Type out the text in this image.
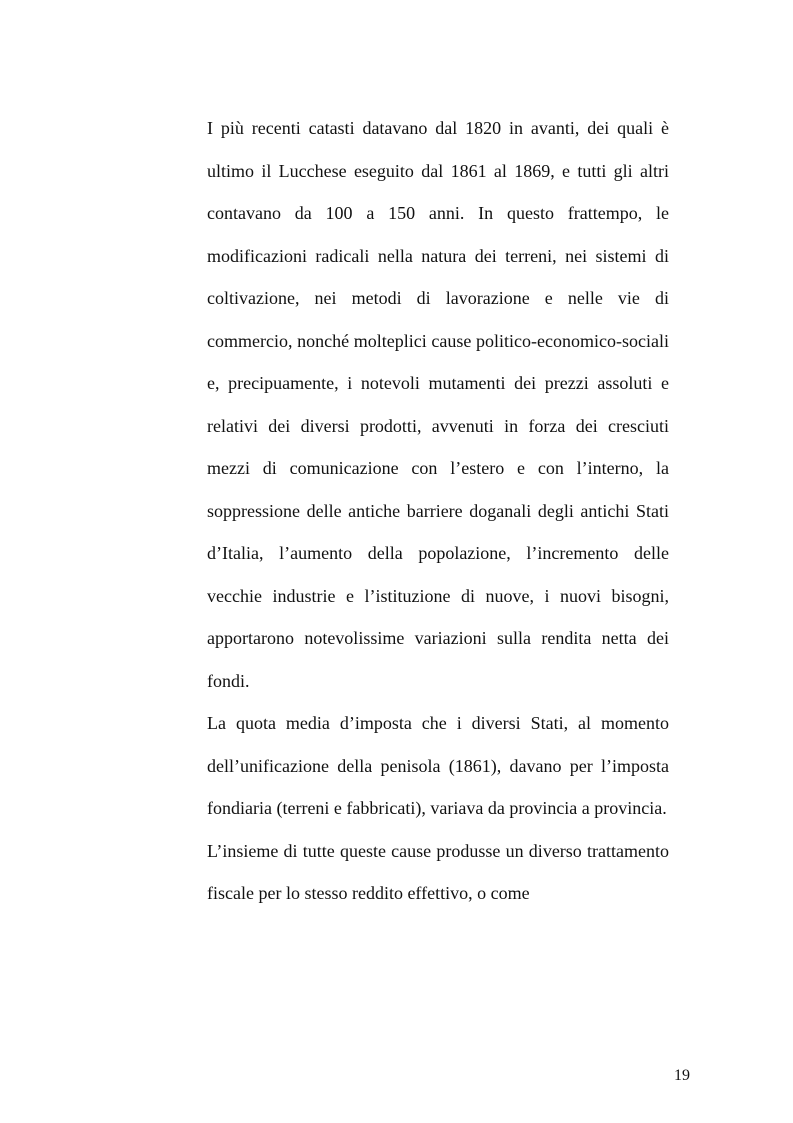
I più recenti catasti datavano dal 1820 in avanti, dei quali è ultimo il Lucchese eseguito dal 1861 al 1869, e tutti gli altri contavano da 100 a 150 anni. In questo frattempo, le modificazioni radicali nella natura dei terreni, nei sistemi di coltivazione, nei metodi di lavorazione e nelle vie di commercio, nonché molteplici cause politico-economico-sociali e, precipuamente, i notevoli mutamenti dei prezzi assoluti e relativi dei diversi prodotti, avvenuti in forza dei cresciuti mezzi di comunicazione con l’estero e con l’interno, la soppressione delle antiche barriere doganali degli antichi Stati d’Italia, l’aumento della popolazione, l’incremento delle vecchie industrie e l’istituzione di nuove, i nuovi bisogni, apportarono notevolissime variazioni sulla rendita netta dei fondi.

La quota media d’imposta che i diversi Stati, al momento dell’unificazione della penisola (1861), davano per l’imposta fondiaria (terreni e fabbricati), variava da provincia a provincia.

L’insieme di tutte queste cause produsse un diverso trattamento fiscale per lo stesso reddito effettivo, o come

19
